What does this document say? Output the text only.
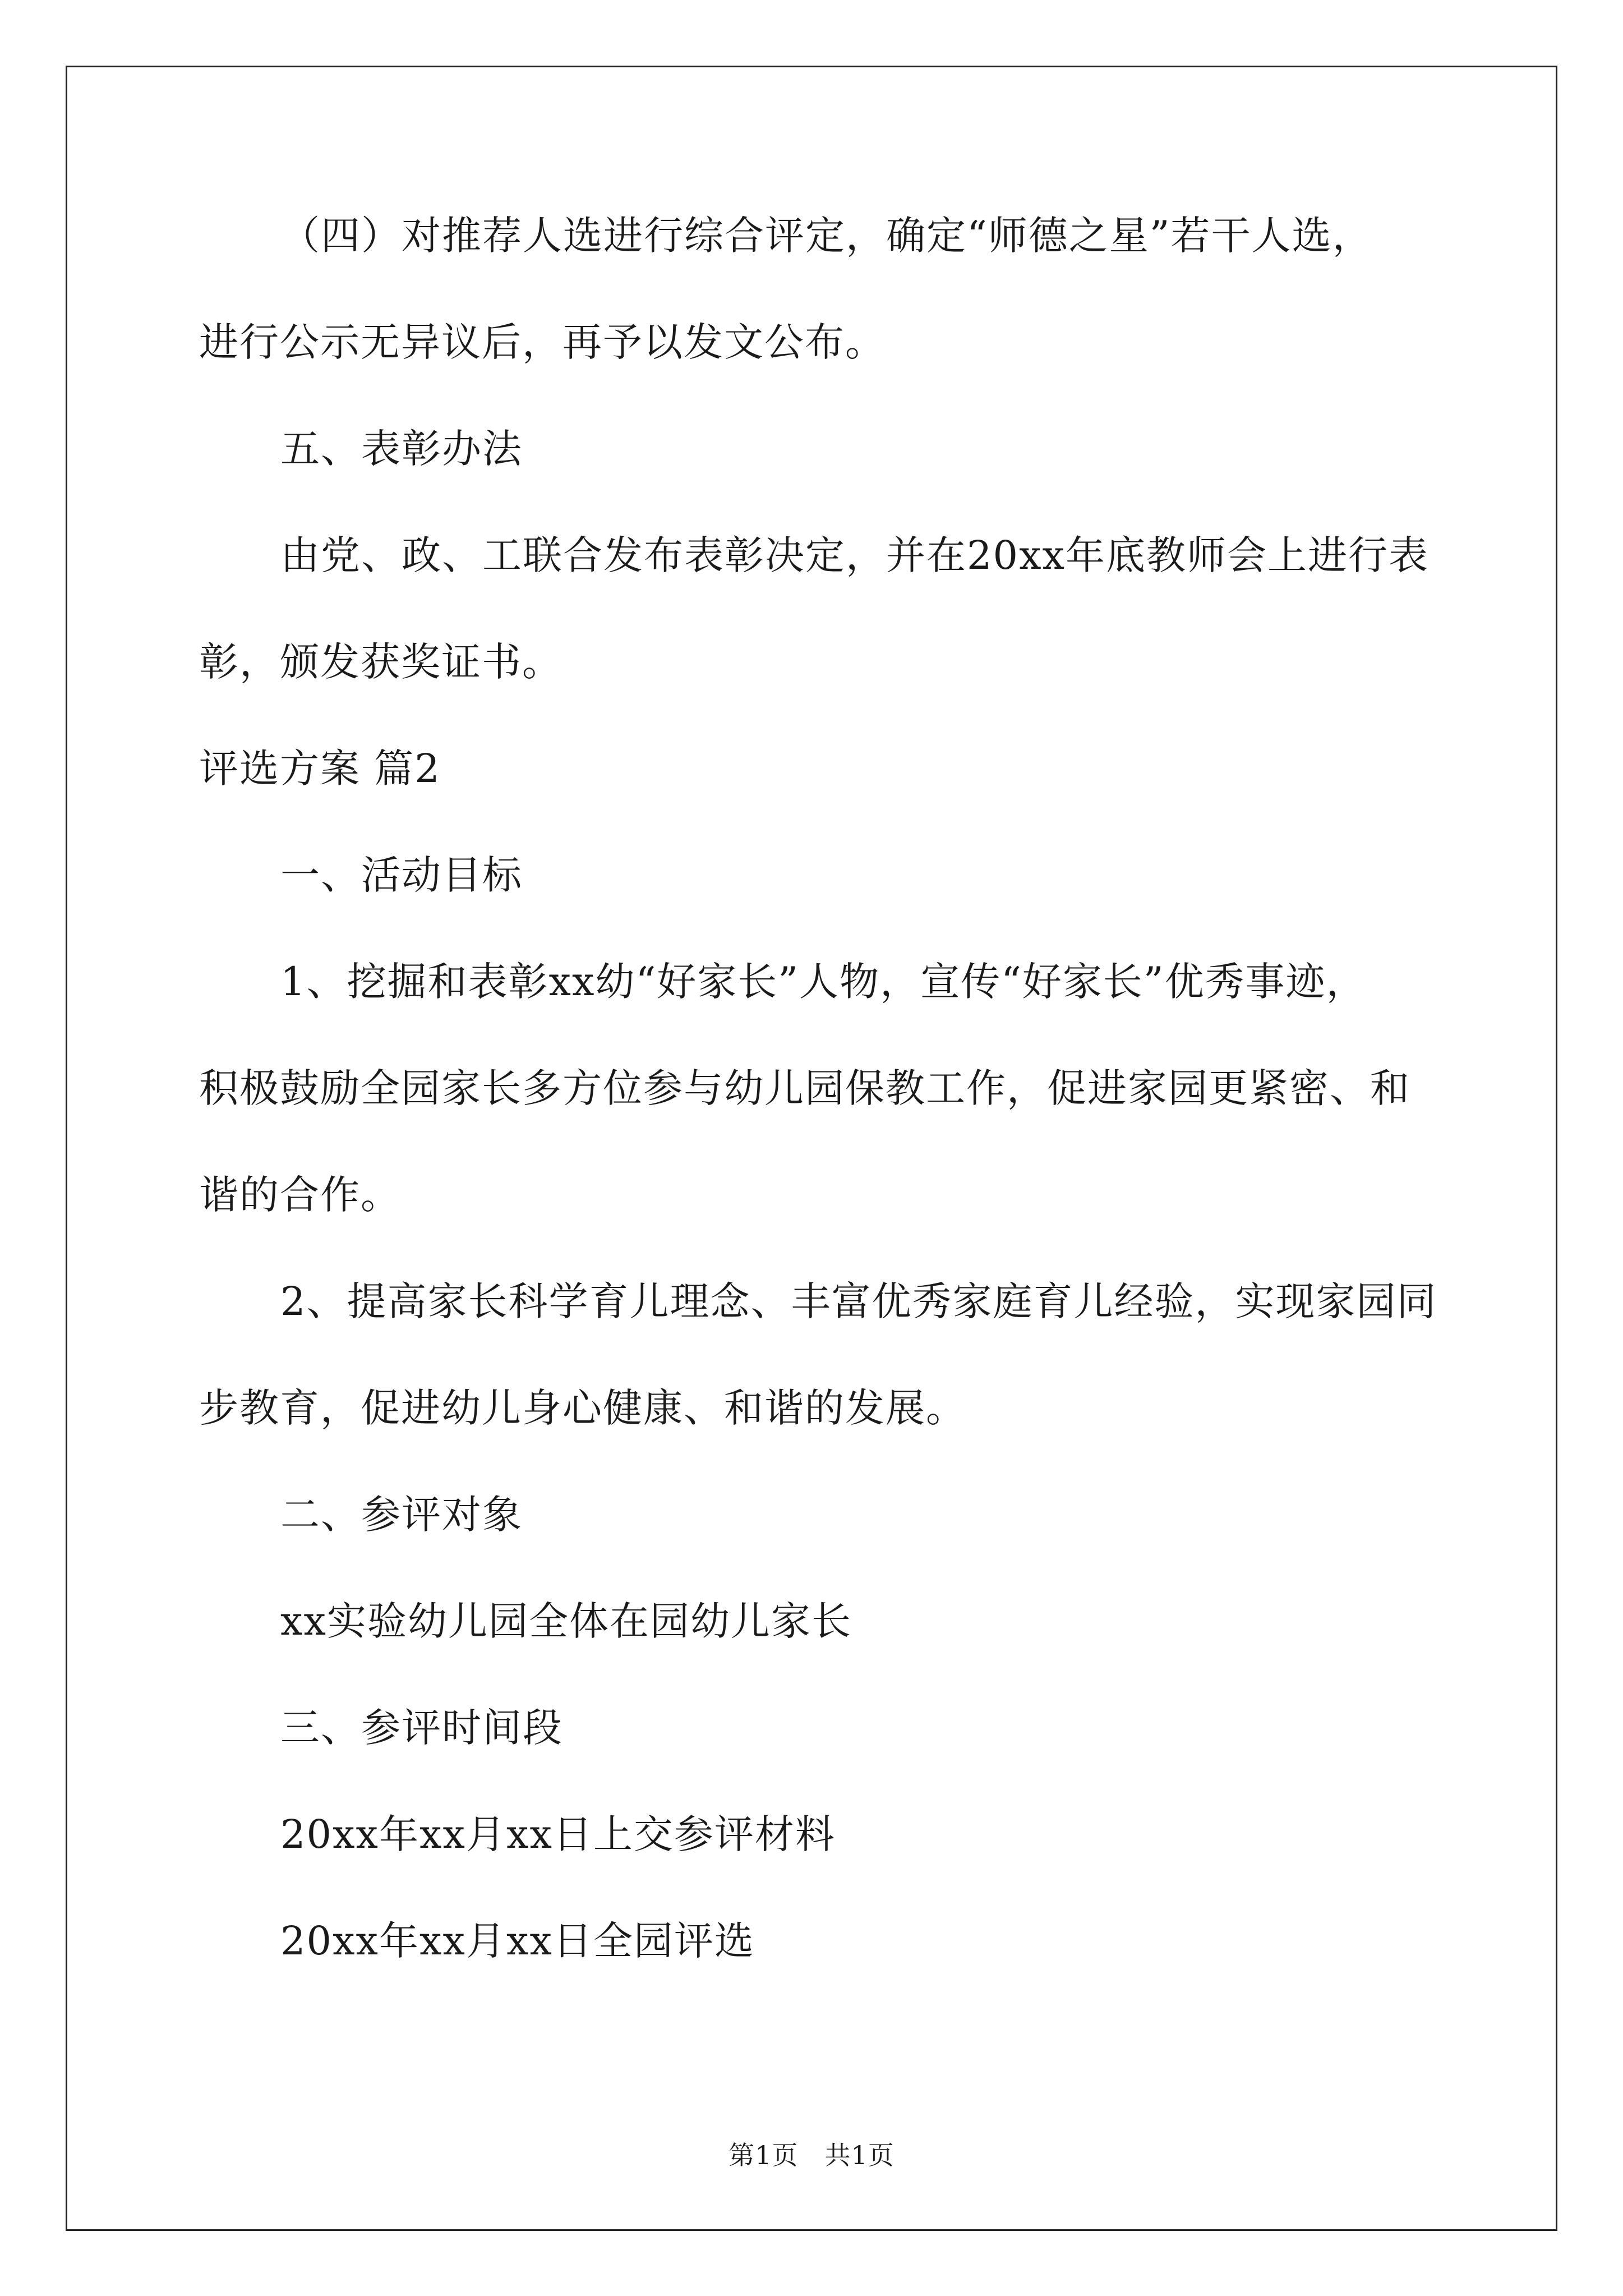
（四）对推荐人选进行综合评定，确定“师德之星”若干人选，
进行公示无异议后，再予以发文公布。
五、表彰办法
由党、政、工联合发布表彰决定，并在20xx年底教师会上进行表
彰，颁发获奖证书。
评选方案 篇2
一、活动目标
1、挖掘和表彰xx幼“好家长”人物，宣传“好家长”优秀事迹，
积极鼓励全园家长多方位参与幼儿园保教工作，促进家园更紧密、和
谐的合作。
2、提高家长科学育儿理念、丰富优秀家庭育儿经验，实现家园同
步教育，促进幼儿身心健康、和谐的发展。
二、参评对象
xx实验幼儿园全体在园幼儿家长
三、参评时间段
20xx年xx月xx日上交参评材料
20xx年xx月xx日全园评选
第1页　共1页
